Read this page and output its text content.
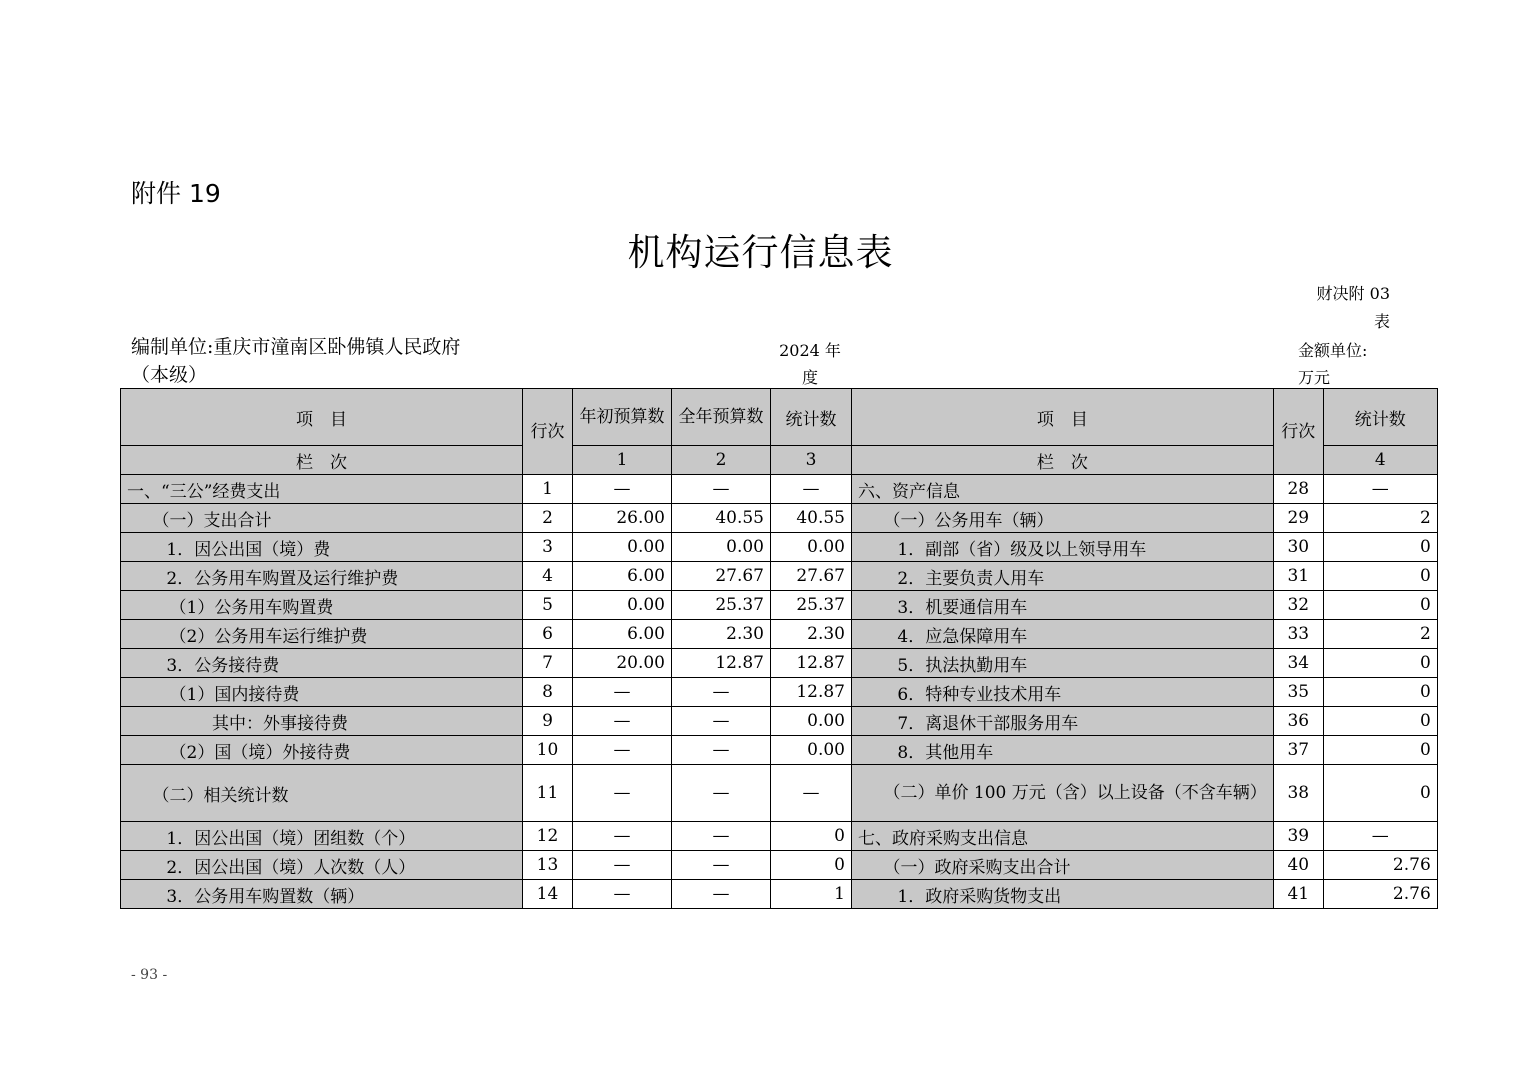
附件 19
机构运行信息表
财决附 03
表
编制单位:重庆市潼南区卧佛镇人民政府
（本级）
2024 年
度
金额单位:
万元
项　目	行次	年初预算数	全年预算数	统计数	项　目	行次	统计数
栏　次		1	2	3	栏　次		4
一、“三公”经费支出	1	—	—	—	六、资产信息	28	—
　　（一）支出合计	2	26.00	40.55	40.55	　　（一）公务用车（辆）	29	2
　　 1．因公出国（境）费	3	0.00	0.00	0.00	　　 1．副部（省）级及以上领导用车	30	0
　　 2．公务用车购置及运行维护费	4	6.00	27.67	27.67	　　 2．主要负责人用车	31	0
　　　（1）公务用车购置费	5	0.00	25.37	25.37	　　 3．机要通信用车	32	0
　　　（2）公务用车运行维护费	6	6.00	2.30	2.30	　　 4．应急保障用车	33	2
　　 3．公务接待费	7	20.00	12.87	12.87	　　 5．执法执勤用车	34	0
　　　（1）国内接待费	8	—	—	12.87	　　 6．特种专业技术用车	35	0
　　　　　其中：外事接待费	9	—	—	0.00	　　 7．离退休干部服务用车	36	0
　　　（2）国（境）外接待费	10	—	—	0.00	　　 8．其他用车	37	0
　　（二）相关统计数	11	—	—	—	　　（二）单价 100 万元（含）以上设备（不含车辆）	38	0
　　 1．因公出国（境）团组数（个）	12	—	—	0	七、政府采购支出信息	39	—
　　 2．因公出国（境）人次数（人）	13	—	—	0	　　（一）政府采购支出合计	40	2.76
　　 3．公务用车购置数（辆）	14	—	—	1	　　 1．政府采购货物支出	41	2.76
- 93 -
